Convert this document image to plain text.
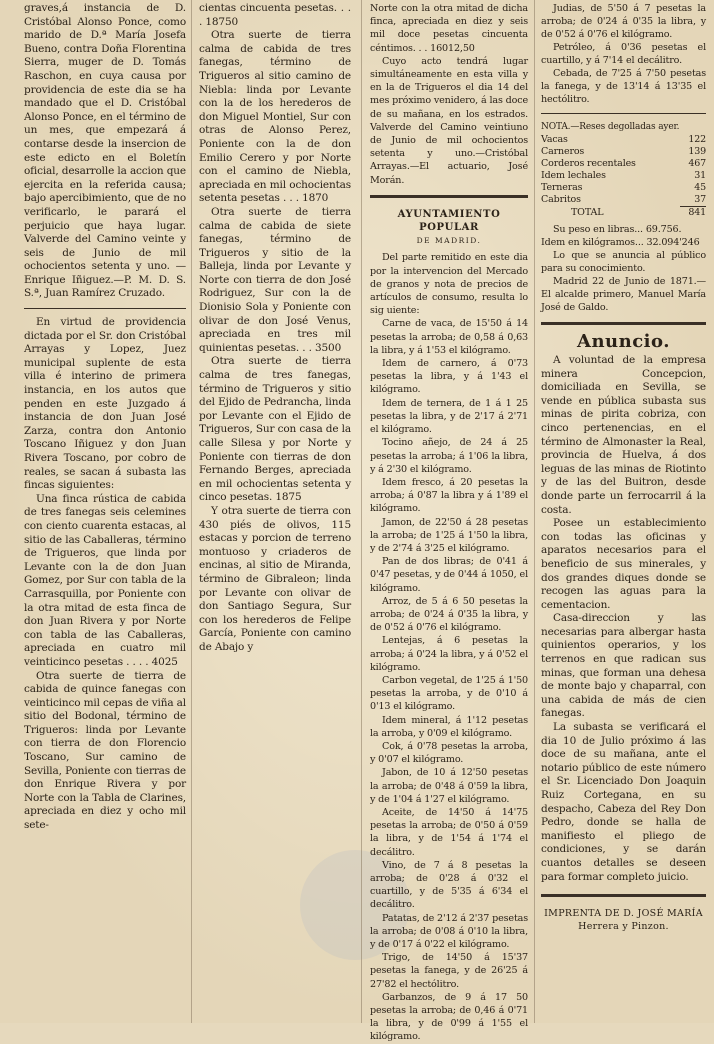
graves,á instancia de D. Cristóbal Alonso Ponce, como marido de D.ª María Josefa Bueno, contra Doña Florentina Sierra, muger de D. Tomás Raschon, en cuya causa por providencia de este dia se ha mandado que el D. Cristóbal Alonso Ponce, en el término de un mes, que empezará á contarse desde la insercion de este edicto en el Boletín oficial, desarrolle la accion que ejercita en la referida causa; bajo apercibimiento, que de no verificarlo, le parará el perjuicio que haya lugar. Valverde del Camino veinte y seis de Junio de mil ochocientos setenta y uno. —Enrique Iñiguez.—P. M. D. S. S.ª, Juan Ramírez Cruzado.

En virtud de providencia dictada por el Sr. don Cristóbal Arrayas y Lopez, Juez municipal suplente de esta villa é interino de primera instancia, en los autos que penden en este Juzgado á instancia de don Juan José Zarza, contra don Antonio Toscano Iñiguez y don Juan Rivera Toscano, por cobro de reales, se sacan á subasta las fincas siguientes:

Una finca rústica de cabida de tres fanegas seis celemines con ciento cuarenta estacas, al sitio de las Caballeras, término de Trigueros, que linda por Levante con la de don Juan Gomez, por Sur con tabla de la Carrasquilla, por Poniente con la otra mitad de esta finca de don Juan Rivera y por Norte con tabla de las Caballeras, apreciada en cuatro mil veinticinco pesetas . . . . 4025

Otra suerte de tierra de cabida de quince fanegas con veinticinco mil cepas de viña al sitio del Bodonal, término de Trigueros: linda por Levante con tierra de don Florencio Toscano, Sur camino de Sevilla, Poniente con tierras de don Enrique Rivera y por Norte con la Tabla de Clarines, apreciada en diez y ocho mil sete-

cientas cincuenta pesetas. . . . 18750

Otra suerte de tierra calma de cabida de tres fanegas, término de Trigueros al sitio camino de Niebla: linda por Levante con la de los herederos de don Miguel Montiel, Sur con otras de Alonso Perez, Poniente con la de don Emilio Cerero y por Norte con el camino de Niebla, apreciada en mil ochocientas setenta pesetas . . . 1870

Otra suerte de tierra calma de cabida de siete fanegas, término de Trigueros y sitio de la Balleja, linda por Levante y Norte con tierra de don José Rodriguez, Sur con la de Dionisio Sola y Poniente con olivar de don José Venus, apreciada en tres mil quinientas pesetas. . . 3500

Otra suerte de tierra calma de tres fanegas, término de Trigueros y sitio del Ejido de Pedrancha, linda por Levante con el Ejido de Trigueros, Sur con casa de la calle Silesa y por Norte y Poniente con tierras de don Fernando Berges, apreciada en mil ochocientas setenta y cinco pesetas. 1875

Y otra suerte de tierra con 430 piés de olivos, 115 estacas y porcion de terreno montuoso y criaderos de encinas, al sitio de Miranda, término de Gibraleon; linda por Levante con olivar de don Santiago Segura, Sur con los herederos de Felipe García, Poniente con camino de Abajo y

Norte con la otra mitad de dicha finca, apreciada en diez y seis mil doce pesetas cincuenta céntimos. . . 16012,50

Cuyo acto tendrá lugar simultáneamente en esta villa y en la de Trigueros el dia 14 del mes próximo venidero, á las doce de su mañana, en los estrados. Valverde del Camino veintiuno de Junio de mil ochocientos setenta y uno.—Cristóbal Arrayas.—El actuario, José Morán.

AYUNTAMIENTO POPULAR
DE MADRID.

Del parte remitido en este dia por la intervencion del Mercado de granos y nota de precios de artículos de consumo, resulta lo sig uiente:

Carne de vaca, de 15'50 á 14 pesetas la arroba; de 0,58 á 0,63 la libra, y á 1'53 el kilógramo.

Idem de carnero, á 0'73 pesetas la libra, y á 1'43 el kilógramo.

Idem de ternera, de 1 á 1 25 pesetas la libra, y de 2'17 á 2'71 el kilógramo.

Tocino añejo, de 24 á 25 pesetas la arroba; á 1'06 la libra, y á 2'30 el kilógramo.

Idem fresco, á 20 pesetas la arroba; á 0'87 la libra y á 1'89 el kilógramo.

Jamon, de 22'50 á 28 pesetas la arroba; de 1'25 á 1'50 la libra, y de 2'74 á 3'25 el kilógramo.

Pan de dos libras; de 0'41 á 0'47 pesetas, y de 0'44 á 1050, el kilógramo.

Arroz, de 5 á 6 50 pesetas la arroba; de 0'24 á 0'35 la libra, y de 0'52 á 0'76 el kilógramo.

Lentejas, á 6 pesetas la arroba; á 0'24 la libra, y á 0'52 el kilógramo.

Carbon vegetal, de 1'25 á 1'50 pesetas la arroba, y de 0'10 á 0'13 el kilógramo.

Idem mineral, á 1'12 pesetas la arroba, y 0'09 el kilógramo.

Cok, á 0'78 pesetas la arroba, y 0'07 el kilógramo.

Jabon, de 10 á 12'50 pesetas la arroba; de 0'48 á 0'59 la libra, y de 1'04 á 1'27 el kilógramo.

Aceite, de 14'50 á 14'75 pesetas la arroba; de 0'50 á 0'59 la libra, y de 1'54 á 1'74 el decálitro.

Vino, de 7 á 8 pesetas la arroba; de 0'28 á 0'32 el cuartillo, y de 5'35 á 6'34 el decálitro.

Patatas, de 2'12 á 2'37 pesetas la arroba; de 0'08 á 0'10 la libra, y de 0'17 á 0'22 el kilógramo.

Trigo, de 14'50 á 15'37 pesetas la fanega, y de 26'25 á 27'82 el hectólitro.

Garbanzos, de 9 á 17 50 pesetas la arroba; de 0,46 á 0'71 la libra, y de 0'99 á 1'55 el kilógramo.

Judias, de 5'50 á 7 pesetas la arroba; de 0'24 á 0'35 la libra, y de 0'52 á 0'76 el kilógramo.

Petróleo, á 0'36 pesetas el cuartillo, y á 7'14 el decálitro.

Cebada, de 7'25 á 7'50 pesetas la fanega, y de 13'14 á 13'35 el hectólitro.

NOTA.—Reses degolladas ayer.

Vacas	122
Carneros	139
Corderos recentales	467
Idem lechales	31
Terneras	45
Cabritos	37
TOTAL	841

Su peso en libras... 69.756.

Idem en kilógramos... 32.094'246

Lo que se anuncia al público para su conocimiento.

Madrid 22 de Junio de 1871.—El alcalde primero, Manuel María José de Galdo.

Anuncio.

A voluntad de la empresa minera Concepcion, domiciliada en Sevilla, se vende en pública subasta sus minas de pirita cobriza, con cinco pertenencias, en el término de Almonaster la Real, provincia de Huelva, á dos leguas de las minas de Riotinto y de las del Buitron, desde donde parte un ferrocarril á la costa.

Posee un establecimiento con todas las oficinas y aparatos necesarios para el beneficio de sus minerales, y dos grandes diques donde se recogen las aguas para la cementacion.

Casa-direccion y las necesarias para albergar hasta quinientos operarios, y los terrenos en que radican sus minas, que forman una dehesa de monte bajo y chaparral, con una cabida de más de cien fanegas.

La subasta se verificará el dia 10 de Julio próximo á las doce de su mañana, ante el notario público de este número el Sr. Licenciado Don Joaquin Ruiz Cortegana, en su despacho, Cabeza del Rey Don Pedro, donde se halla de manifiesto el pliego de condiciones, y se darán cuantos detalles se deseen para formar completo juicio.

IMPRENTA DE D. JOSÉ MARÍA Herrera y Pinzon.
